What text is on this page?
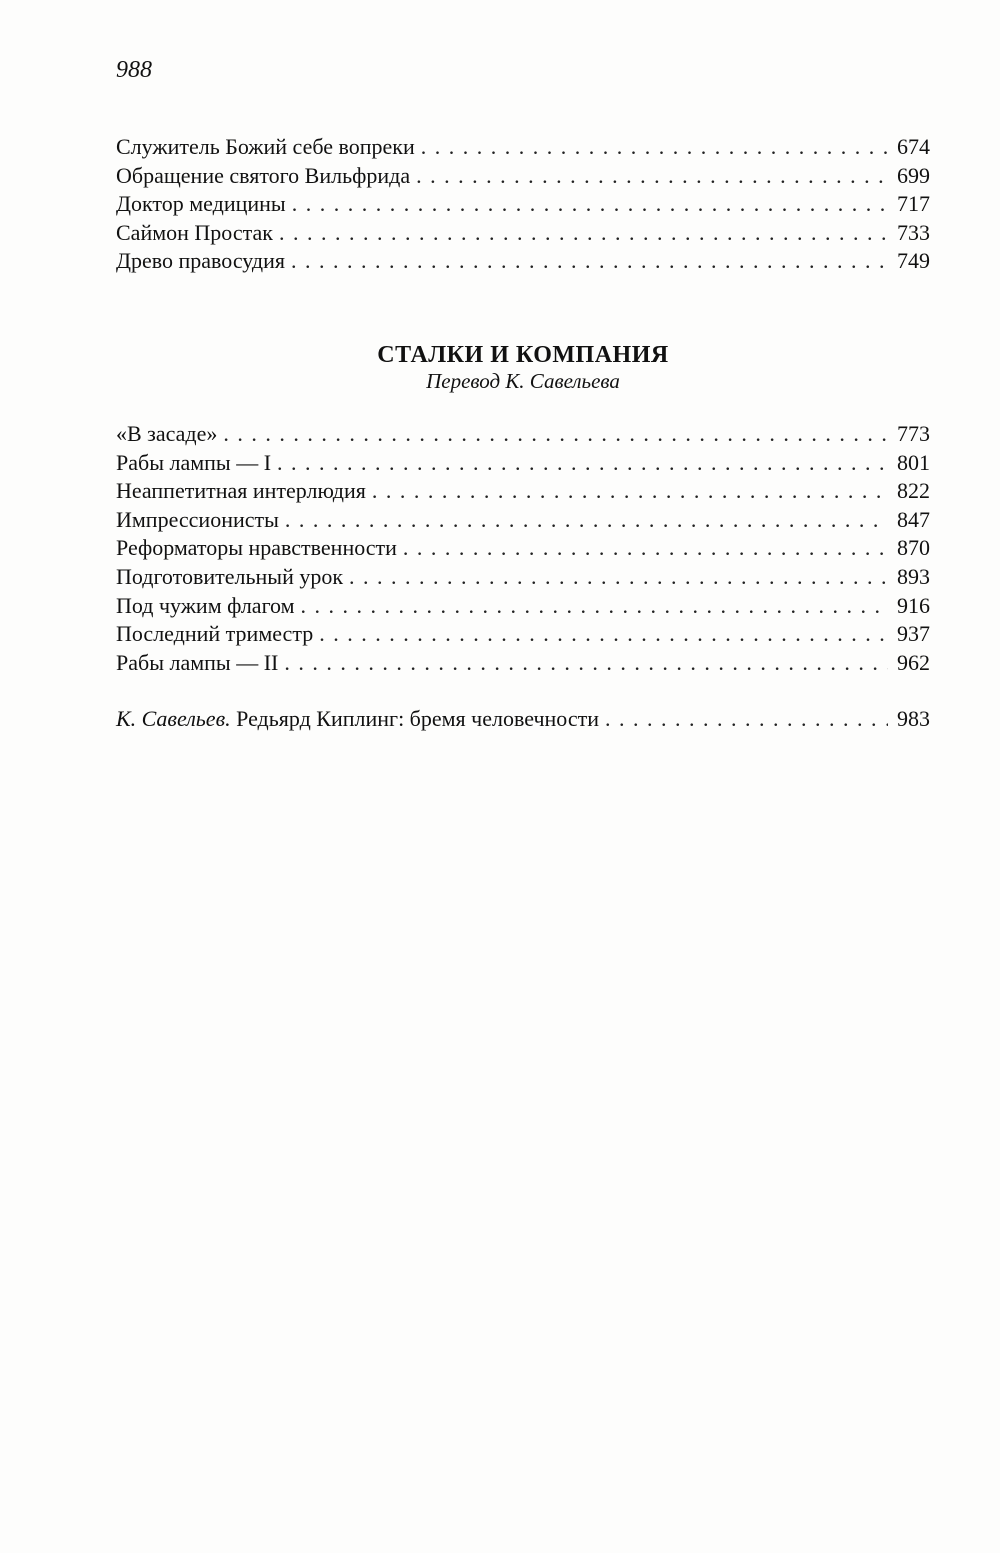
988
Служитель Божий себе вопреки . . .	674
Обращение святого Вильфрида . . .	699
Доктор медицины . . .	717
Саймон Простак . . .	733
Древо правосудия . . .	749
СТАЛКИ И КОМПАНИЯ
Перевод К. Савельева
«В засаде» . . .	773
Рабы лампы — I . . .	801
Неаппетитная интерлюдия . . .	822
Импрессионисты . . .	847
Реформаторы нравственности . . .	870
Подготовительный урок . . .	893
Под чужим флагом . . .	916
Последний триместр . . .	937
Рабы лампы — II . . .	962
К. Савельев. Редьярд Киплинг: бремя человечности . . .	983
